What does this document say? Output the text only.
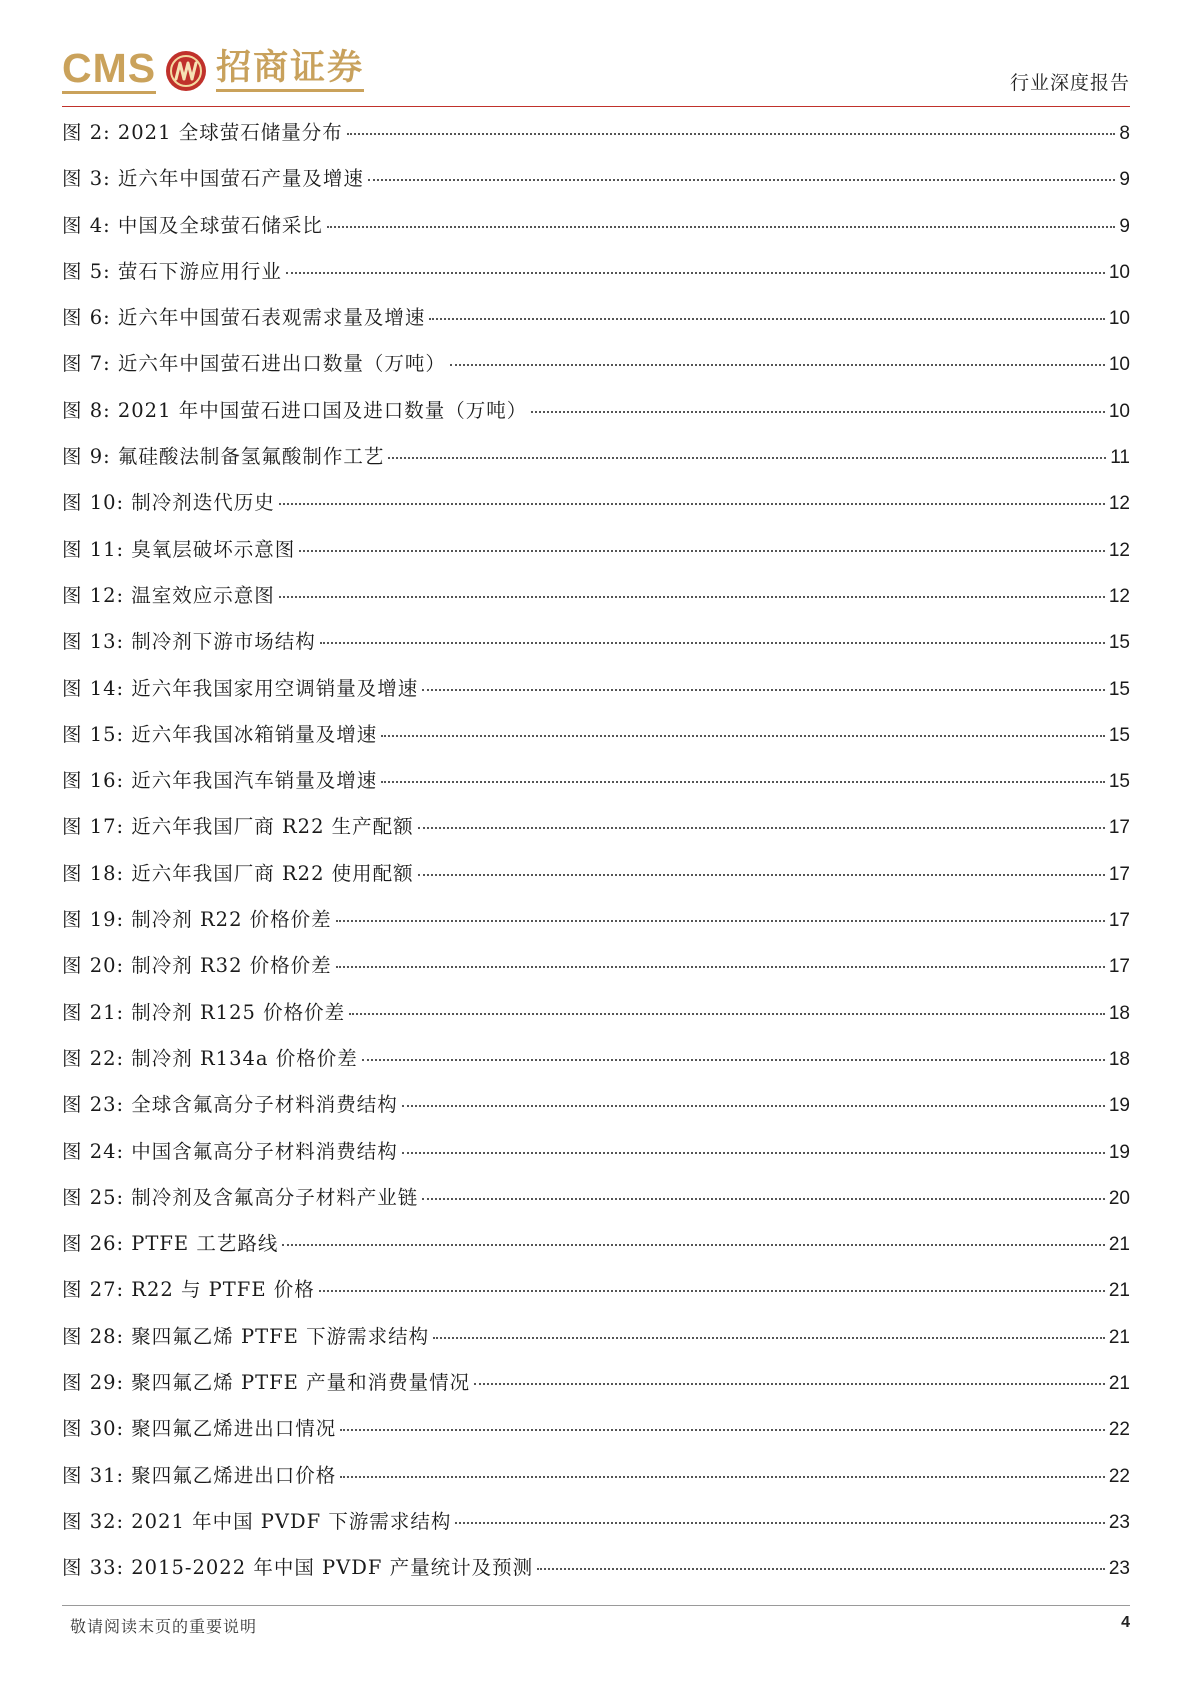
CMS 招商证券	行业深度报告
图 2: 2021 全球萤石储量分布	8
图 3: 近六年中国萤石产量及增速	9
图 4: 中国及全球萤石储采比	9
图 5: 萤石下游应用行业	10
图 6: 近六年中国萤石表观需求量及增速	10
图 7: 近六年中国萤石进出口数量（万吨）	10
图 8: 2021 年中国萤石进口国及进口数量（万吨）	10
图 9: 氟硅酸法制备氢氟酸制作工艺	11
图 10: 制冷剂迭代历史	12
图 11: 臭氧层破坏示意图	12
图 12: 温室效应示意图	12
图 13: 制冷剂下游市场结构	15
图 14: 近六年我国家用空调销量及增速	15
图 15: 近六年我国冰箱销量及增速	15
图 16: 近六年我国汽车销量及增速	15
图 17: 近六年我国厂商 R22 生产配额	17
图 18: 近六年我国厂商 R22 使用配额	17
图 19: 制冷剂 R22 价格价差	17
图 20: 制冷剂 R32 价格价差	17
图 21: 制冷剂 R125 价格价差	18
图 22: 制冷剂 R134a 价格价差	18
图 23: 全球含氟高分子材料消费结构	19
图 24: 中国含氟高分子材料消费结构	19
图 25: 制冷剂及含氟高分子材料产业链	20
图 26: PTFE 工艺路线	21
图 27: R22 与 PTFE 价格	21
图 28: 聚四氟乙烯 PTFE 下游需求结构	21
图 29: 聚四氟乙烯 PTFE 产量和消费量情况	21
图 30: 聚四氟乙烯进出口情况	22
图 31: 聚四氟乙烯进出口价格	22
图 32: 2021 年中国 PVDF 下游需求结构	23
图 33: 2015-2022 年中国 PVDF 产量统计及预测	23
敬请阅读末页的重要说明	4
